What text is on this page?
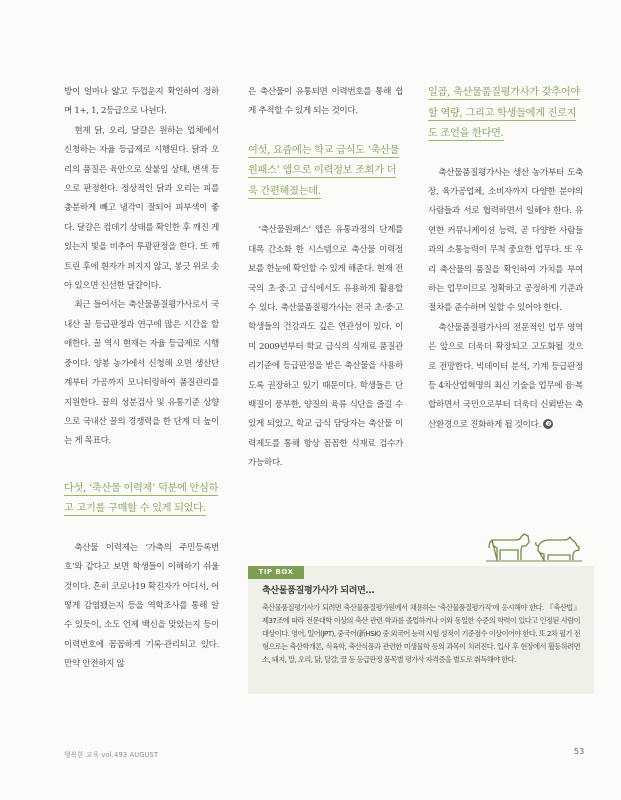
방이 얼마나 얇고 두껍운지 확인하여 정하며 1+, 1, 2등급으로 나뉜다.

현재 닭, 오리, 달걀은 원하는 업체에서 신청하는 자율 등급제로 시행된다. 닭과 오리의 품질은 육안으로 살붙임 상태, 변색 등으로 판정한다. 정상적인 닭과 오리는 피를 충분하게 빼고 냉각이 잘되어 피부색이 좋다. 달걀은 컴데기 상태를 확인한 후 깨진 게 있는지 빛을 비추어 투광판정을 한다. 또 깨트린 후에 흰자가 퍼지지 않고, 봉긋 위로 솟아 있으면 신선한 달걀이다.

최근 들어서는 축산물품질평가사로서 국내산 꿀 등급판정과 연구에 많은 시간을 할애한다. 꿀 역시 현재는 자율 등급제로 시행 중이다. 양봉 농가에서 신청해 오면 생산단계부터 가공까지 모니터링하여 품질관리를 지원한다. 꿀의 성분검사 및 유통기준 상향으로 국내산 꿀의 경쟁력을 한 단계 더 높이는 게 목표다.

다섯, ‘축산물 이력제’ 덕분에 안심하고 고기를 구매할 수 있게 되었다.

축산물 이력제는 ‘가축의 주민등록번호’와 같다고 보면 학생들이 이해하기 쉬울 것이다. 흔히 코로나19 확진자가 어디서, 어떻게 감염됐는지 등을 역학조사를 통해 알 수 있듯이, 소도 언제 백신을 맞았는지 등이 이력번호에 꼼꼼하게 기록·관리되고 있다. 만약 안전하지 않

은 축산물이 유통되면 이력번호를 통해 쉽게 추적할 수 있게 되는 것이다.

여섯, 요즘에는 학교 급식도 ‘축산물원패스’ 앱으로 이력정보 조회가 더욱 간편해졌는데.

‘축산물원패스’ 앱은 유통과정의 단계를 대폭 간소화 한 시스템으로 축산물 이력정보를 한눈에 확인할 수 있게 해준다. 현재 전국의 초·중·고 급식에서도 유용하게 활용할 수 있다. 축산물품질평가사는 전국 초·중·고 학생들의 건강과도 깊은 연관성이 있다. 이미 2009년부터 학교 급식의 식재료 품질관리기준에 등급판정을 받은 축산물을 사용하도록 권장하고 있기 때문이다. 학생들은 단백질이 풍부한, 양질의 육류 식단을 즐길 수 있게 되었고, 학교 급식 담당자는 축산물 이력제도를 통해 항상 꼼꼼한 식재료 검수가 가능하다.

일곱, 축산물품질평가사가 갖추어야 할 역량, 그리고 학생들에게 진로지도 조언을 한다면.

축산물품질평가사는 생산 농가부터 도축장, 육가공업체, 소비자까지 다양한 분야의 사람들과 서로 협력하면서 일해야 한다. 유연한 커뮤니케이션 능력, 곧 다양한 사람들과의 소통능력이 무척 중요한 업무다. 또 우리 축산물의 품질을 확인하여 가치를 부여하는 업무이므로 정확하고 공정하게 기준과 절차를 준수하며 일할 수 있어야 한다.

축산물품질평가사의 전문적인 업무 영역은 앞으로 더욱더 확장되고 고도화될 것으로 전망한다. 빅데이터 분석, 기계 등급판정 등 4차산업혁명의 최신 기술을 업무에 융·복합하면서 국민으로부터 더욱더 신뢰받는 축산환경으로 진화하게 될 것이다. ❷

TIP BOX
축산물품질평가사가 되려면…
축산물품질평가사가 되려면 축산물품질평가원에서 채용하는 ‘축산물품질평가직’에 응시해야 한다. 『축산법』 제37조에 따라 전문대학 이상의 축산 관련 학과를 졸업하거나 이와 동일한 수준의 학력이 있다고 인정된 사람이 대상이다. 영어, 일어(JPT), 중국어(新HSK) 중 외국어 능력 시험 성적이 기준점수 이상이어야 한다. 또 2차 필기 전형으로는 축산학개론, 식육학, 축산식품과 관련한 미생물학 등의 과목이 치러진다. 입사 후 현장에서 활동하려면 소, 돼지, 말, 오리, 닭, 달걀, 꿀 등 등급판정 품목별 평가사 자격증을 별도로 취득해야 한다.
행복한 교육 vol.493 AUGUST	53
